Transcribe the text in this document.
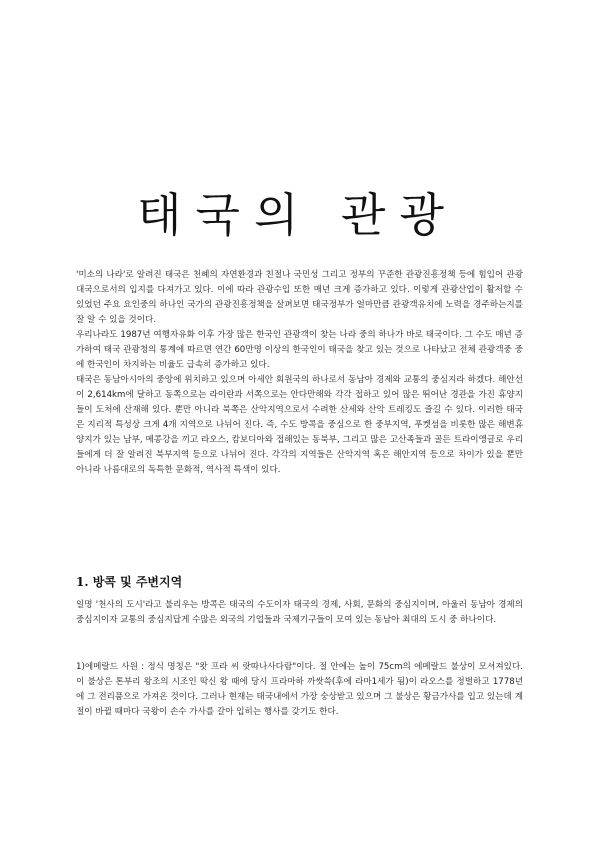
태국의 관광

'미소의 나라'로 알려진 태국은 천혜의 자연환경과 친절나 국민성 그리고 정부의 꾸준한 관광진흥정책 등에 힘입어 관광대국으로서의 입지를 다져가고 있다. 이에 따라 관광수입 또한 매년 크게 증가하고 있다. 이렇게 관광산업이 활저할 수 있었던 주요 요인중의 하나인 국가의 관광진흥정책을 살펴보면 태국정부가 얼마만큼 관광객유치에 노력을 경주하는지를 잘 알 수 있을 것이다.

우리나라도 1987년 여행자유화 이후 가장 많은 한국인 관광객이 찾는 나라 중의 하나가 바로 태국이다. 그 수도 매년 증가하여 태국 관광청의 통계에 따르면 연간 60만명 이상의 한국인이 태국을 찾고 있는 것으로 나타났고 전체 관광객중 중에 한국인이 차지하는 비율도 급속히 증가하고 있다.

태국은 동남아시아의 중앙에 위치하고 있으며 아세안 회원국의 하나로서 동남아 경제와 교통의 중심지라 하겠다. 해안선이 2,614km에 달하고 동쪽으로는 라이란과 서쪽으로는 안다만해와 각각 접하고 있어 많은 뛰어난 경관을 가진 휴양지들이 도처에 산재해 있다. 뿐만 아니라 북쪽은 산악지역으로서 수려한 산세와 산악 트레킹도 즐길 수 있다. 이러한 태국은 지리적 특성상 크게 4개 지역으로 나뉘어 진다. 즉, 수도 방콕을 중심으로 한 중부지역, 푸켓섬을 비롯한 많은 해변휴양지가 있는 남부, 메콩강을 끼고 라오스, 캄보디아와 접해있는 동북부, 그리고 많은 고산족들과 골든 트라이앵글로 우리들에게 더 잘 알려진 북부지역 등으로 나뉘어 진다. 각각의 지역들은 산악지역 혹은 해안지역 등으로 차이가 있을 뿐만 아니라 나름대로의 독특한 문화적, 역사적 특색이 있다.

1. 방콕 및 주변지역

일명 '천사의 도시'라고 불리우는 방콕은 태국의 수도이자 태국의 경제, 사회, 문화의 중심지이며, 아울러 동남아 경제의 중심지이자 교통의 중심지답게 수많은 외국의 기업들과 국제기구들이 모여 있는 동남아 최대의 도시 중 하나이다.

1)에메랄드 사원 : 정식 명칭은 "왓 프라 씨 랏따나사다람"이다. 절 안에는 높이 75cm의 에메랄드 불상이 모셔져있다. 이 불상은 톤부리 왕조의 시조인 딱신 왕 때에 당시 프라마하 까쌋쓱(후에 라마1세가 됨)이 라오스를 정벌하고 1778년에 그 전리품으로 가져온 것이다. 그러나 현재는 태국내에서 가장 숭상받고 있으며 그 불상은 황금가사를 입고 있는데 계절이 바뀔 때마다 국왕이 손수 가사를 갈아 입히는 행사를 갖기도 한다.
